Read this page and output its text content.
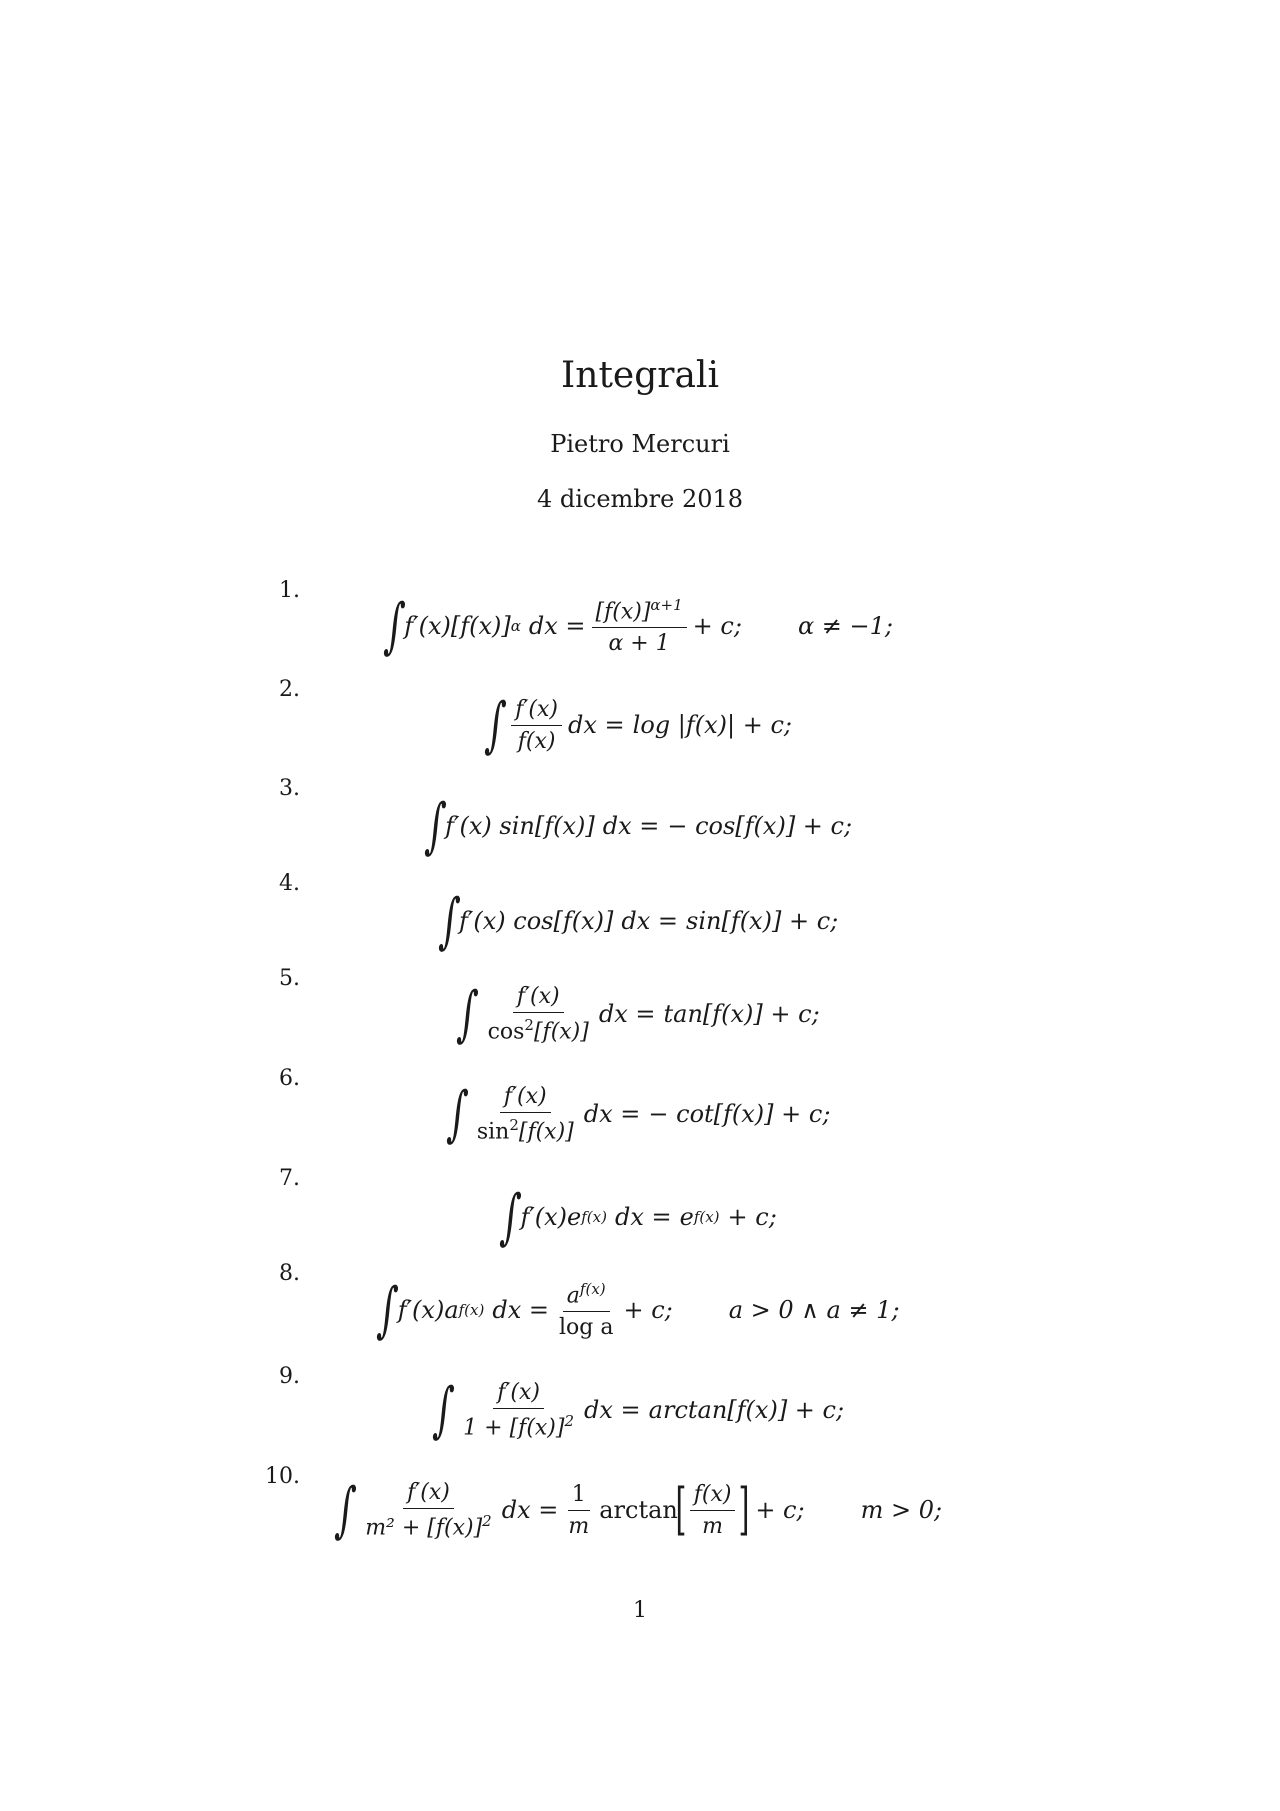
Integrali
Pietro Mercuri
4 dicembre 2018
1.
∫
f′(x)[f(x)] α dx = $\frac{[f(x)]^{\alpha+1}}{\alpha + 1} + c$; α ≠ −1;
2.
∫ $\frac{f'(x)}{f(x)}$ dx = log |f(x)| + c;
3.
∫
f′(x) sin[f(x)] dx = − cos[f(x)] + c;
4.
∫
f′(x) cos[f(x)] dx = sin[f(x)] + c;
5.
∫ $\frac{f'(x)}{\cos^2[f(x)]}$ dx = tan[f(x)] + c;
6.
∫ $\frac{f'(x)}{\sin^2[f(x)]}$ dx = − cot[f(x)] + c;
7.
∫
f′(x)e f(x) dx = e f(x) + c;
8.
∫
f′(x)a f(x) dx = $\frac{a^{f(x)}}{\text{log a}} + c$; a > 0 ∧ a ≠ 1;
9. ∫ $\frac{f'(x)}{1 + [f(x)]^2}$ dx = arctan[f(x)] + c;
10. ∫ $\frac{f'(x)}{m^2 + [f(x)]^2}$ dx = $\frac{1}{m}$ arctan
[ $\frac{f(x)}{m}$ ] + c; m > 0;
1
